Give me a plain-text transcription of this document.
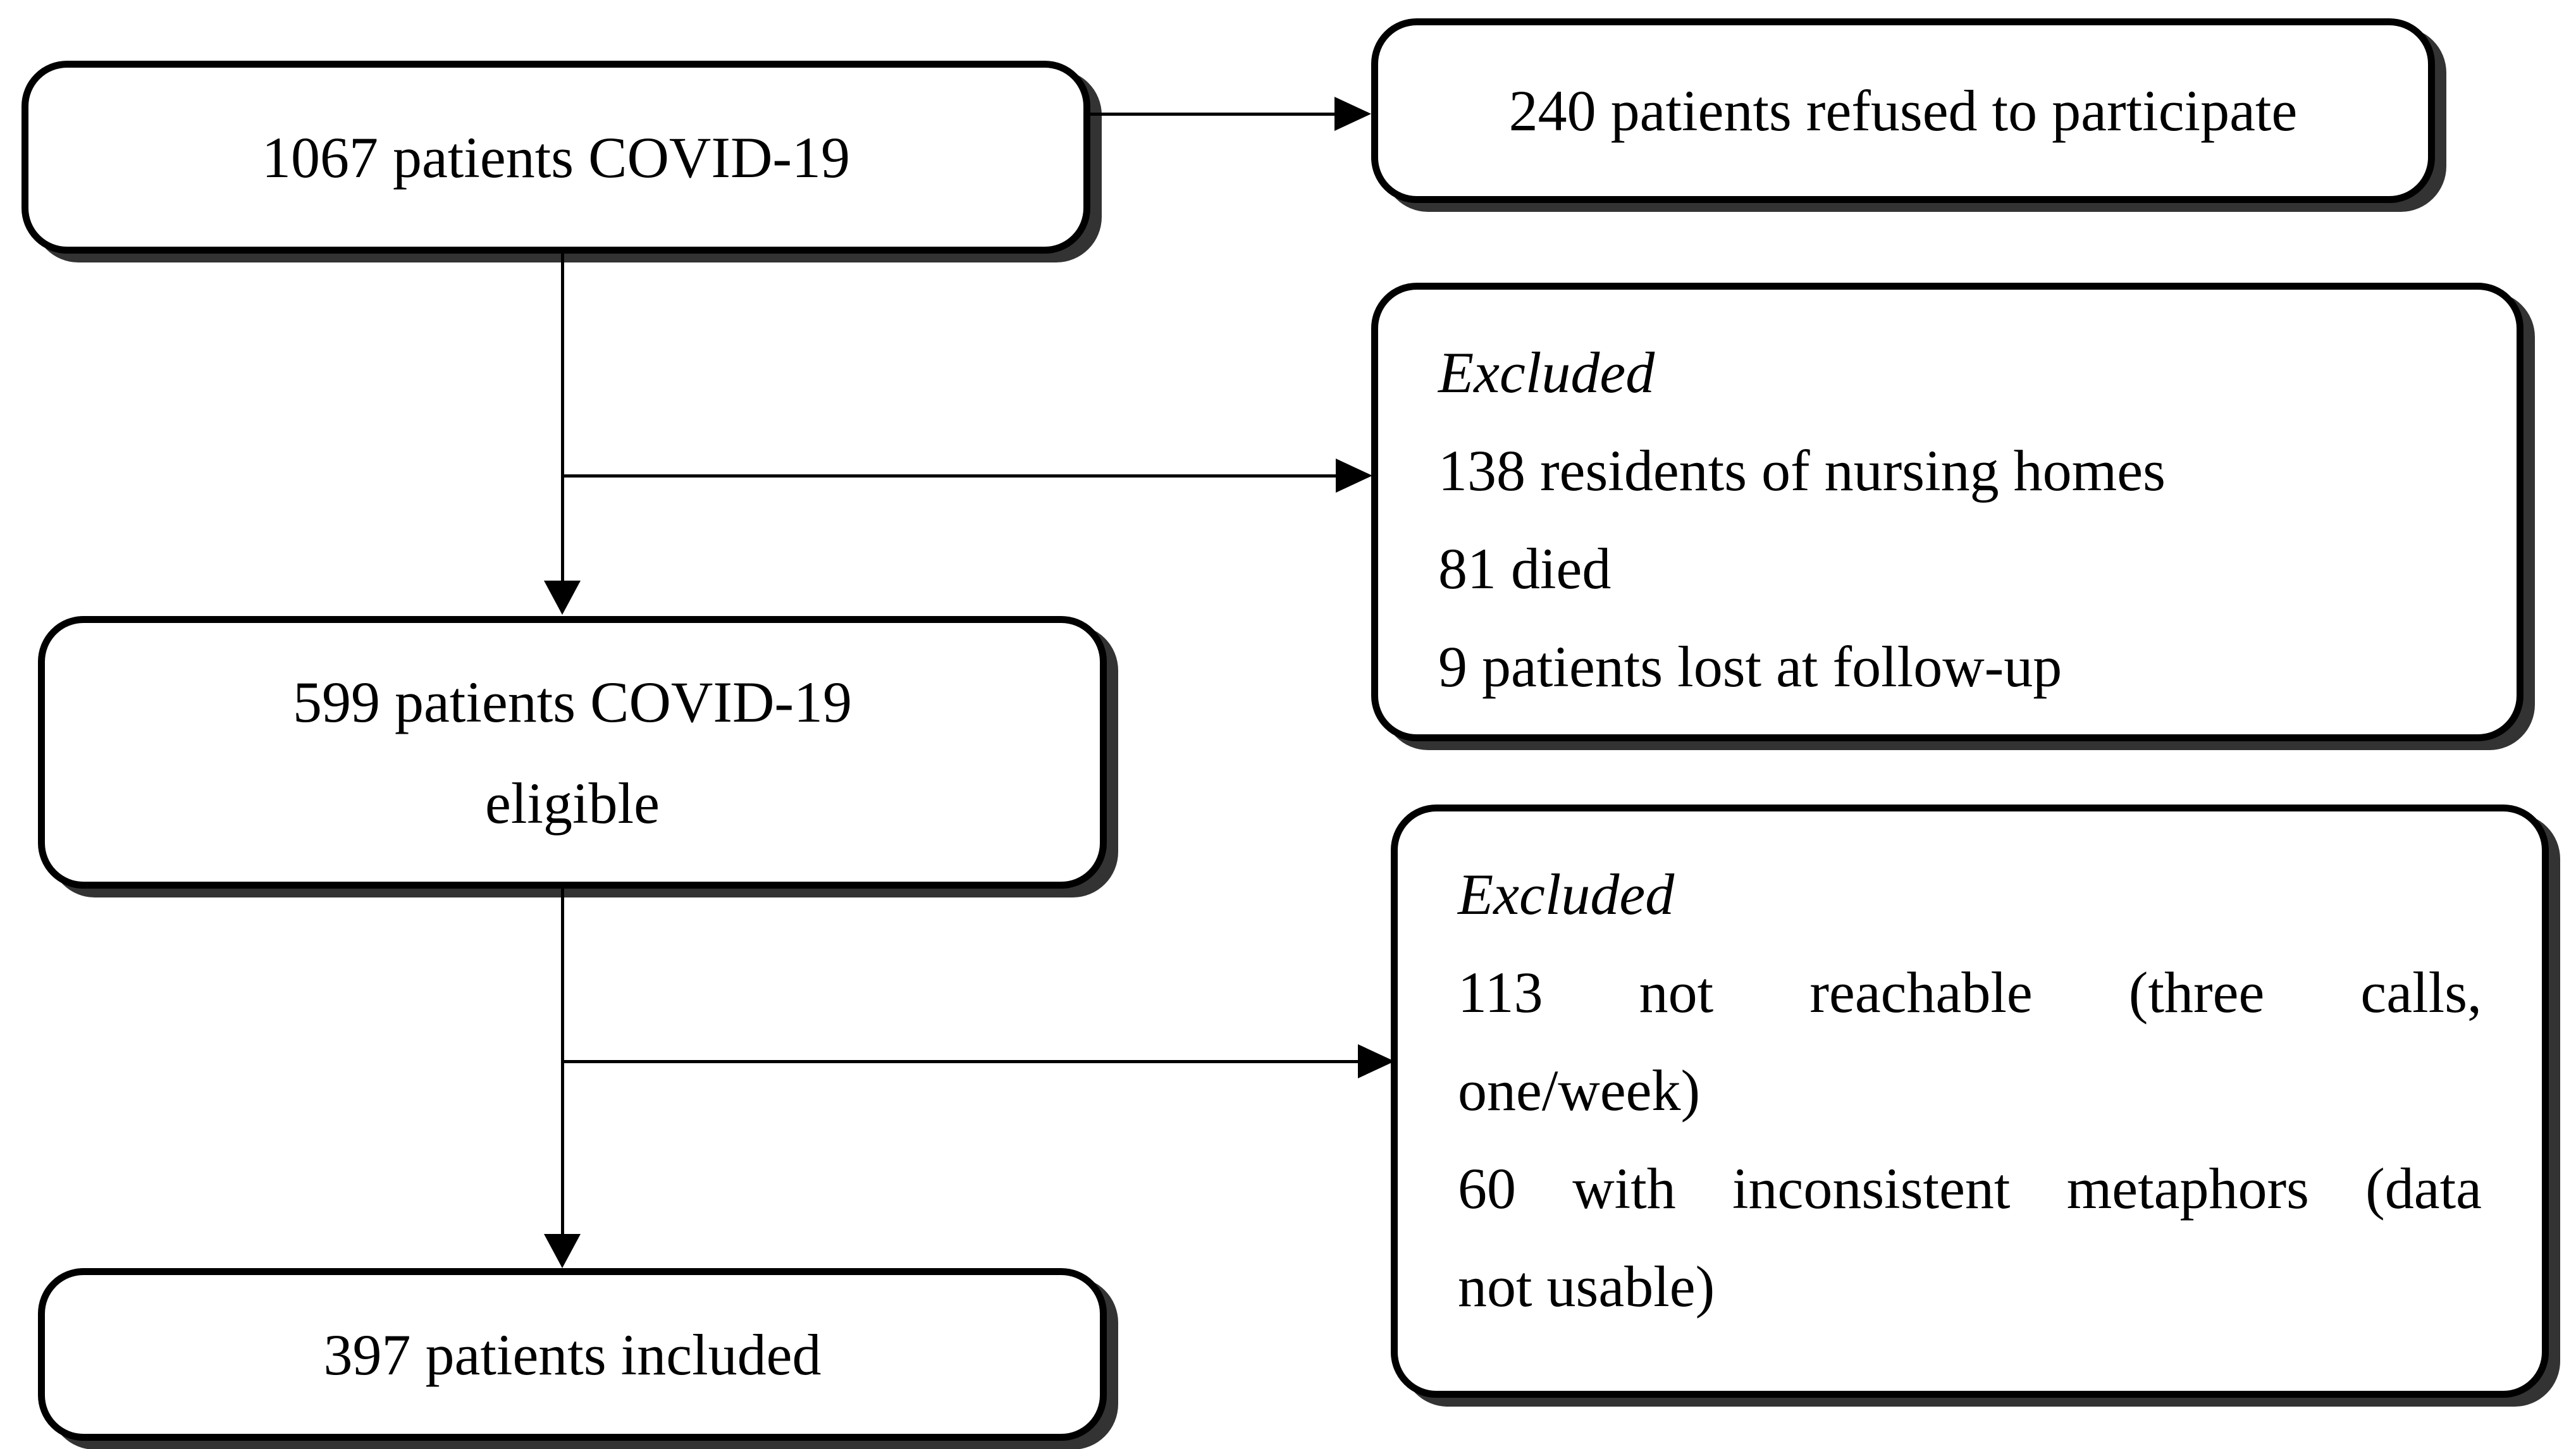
1067 patients COVID-19
240 patients refused to participate
Excluded
138 residents of nursing homes
81 died
9 patients lost at follow-up
599 patients COVID-19
eligible
Excluded
113 not reachable (three calls,
one/week)
60 with inconsistent metaphors (data
not usable)
397 patients included
